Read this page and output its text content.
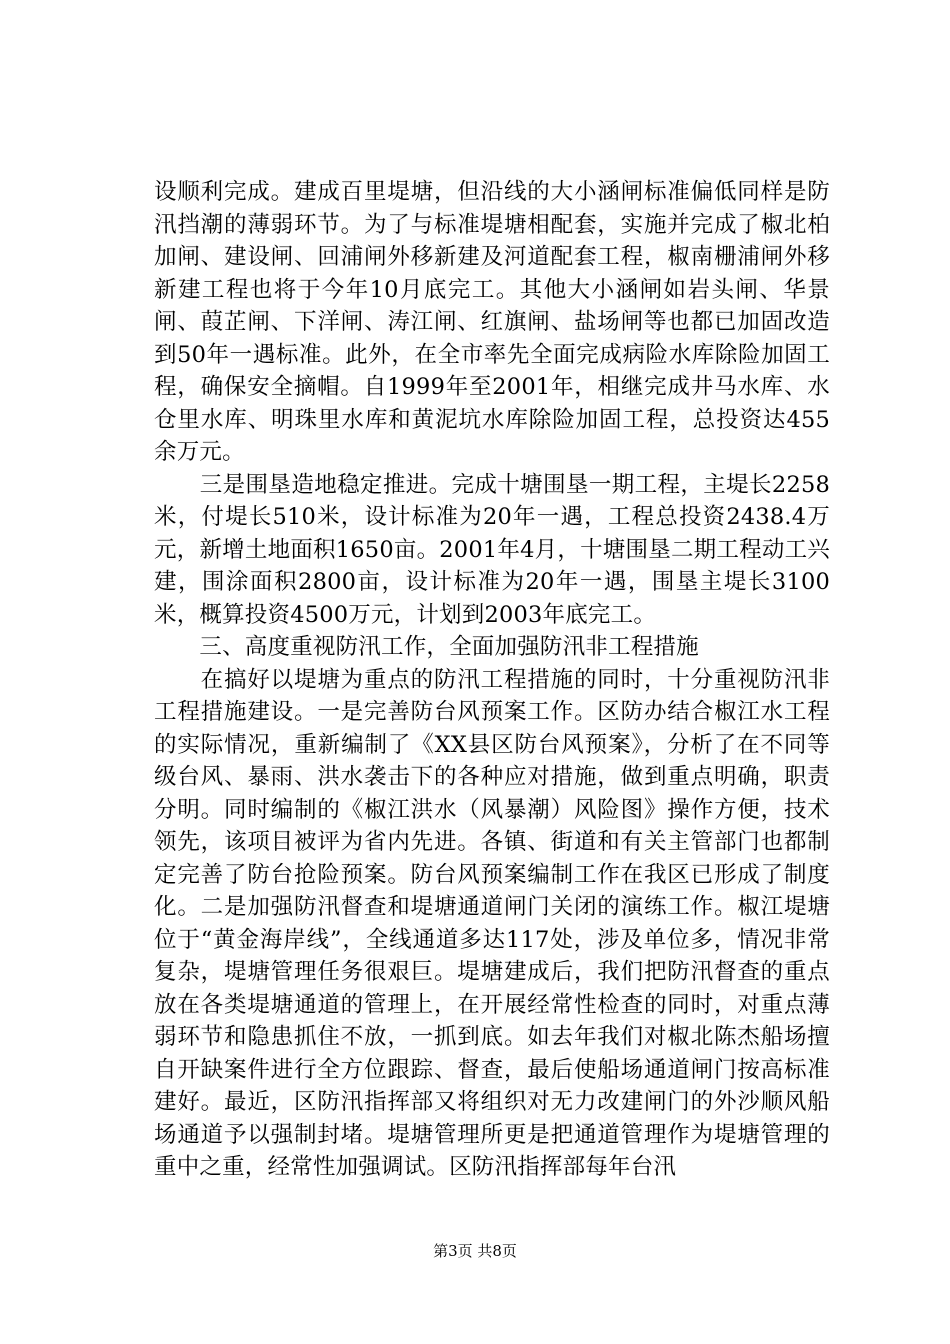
设顺利完成。建成百里堤塘，但沿线的大小涵闸标准偏低同样是防汛挡潮的薄弱环节。为了与标准堤塘相配套，实施并完成了椒北柏加闸、建设闸、回浦闸外移新建及河道配套工程，椒南栅浦闸外移新建工程也将于今年10月底完工。其他大小涵闸如岩头闸、华景闸、葭芷闸、下洋闸、涛江闸、红旗闸、盐场闸等也都已加固改造到50年一遇标准。此外，在全市率先全面完成病险水库除险加固工程，确保安全摘帽。自1999年至2001年，相继完成井马水库、水仓里水库、明珠里水库和黄泥坑水库除险加固工程，总投资达455余万元。

　　三是围垦造地稳定推进。完成十塘围垦一期工程，主堤长2258米，付堤长510米，设计标准为20年一遇，工程总投资2438.4万元，新增土地面积1650亩。2001年4月，十塘围垦二期工程动工兴建，围涂面积2800亩，设计标准为20年一遇，围垦主堤长3100米，概算投资4500万元，计划到2003年底完工。

　　三、高度重视防汛工作，全面加强防汛非工程措施

　　在搞好以堤塘为重点的防汛工程措施的同时，十分重视防汛非工程措施建设。一是完善防台风预案工作。区防办结合椒江水工程的实际情况，重新编制了《XX县区防台风预案》，分析了在不同等级台风、暴雨、洪水袭击下的各种应对措施，做到重点明确，职责分明。同时编制的《椒江洪水（风暴潮）风险图》操作方便，技术领先，该项目被评为省内先进。各镇、街道和有关主管部门也都制定完善了防台抢险预案。防台风预案编制工作在我区已形成了制度化。二是加强防汛督查和堤塘通道闸门关闭的演练工作。椒江堤塘位于“黄金海岸线”，全线通道多达117处，涉及单位多，情况非常复杂，堤塘管理任务很艰巨。堤塘建成后，我们把防汛督查的重点放在各类堤塘通道的管理上，在开展经常性检查的同时，对重点薄弱环节和隐患抓住不放，一抓到底。如去年我们对椒北陈杰船场擅自开缺案件进行全方位跟踪、督查，最后使船场通道闸门按高标准建好。最近，区防汛指挥部又将组织对无力改建闸门的外沙顺风船场通道予以强制封堵。堤塘管理所更是把通道管理作为堤塘管理的重中之重，经常性加强调试。区防汛指挥部每年台汛

第3页 共8页
